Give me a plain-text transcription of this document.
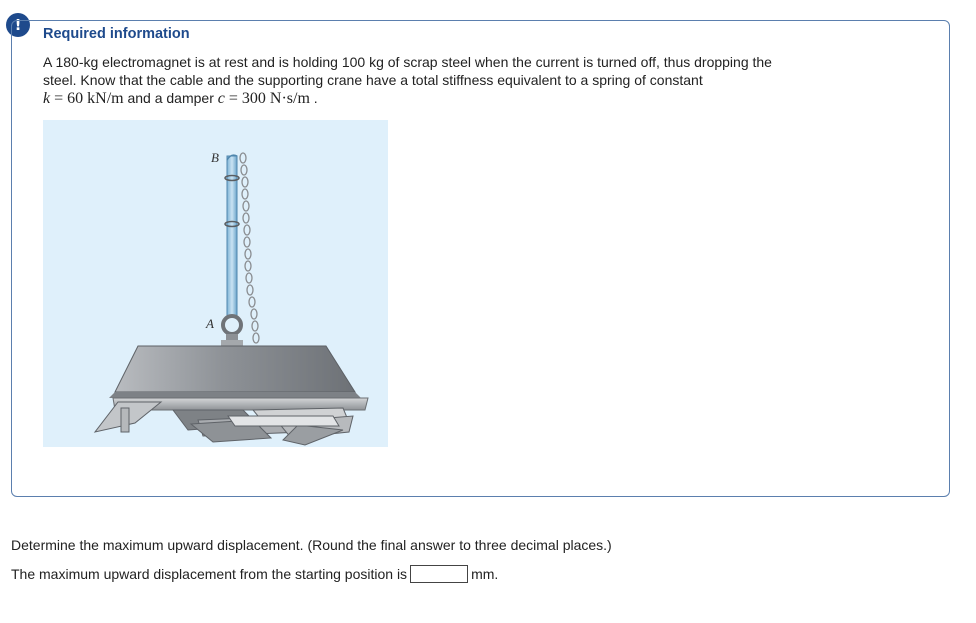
!	Required information
A 180-kg electromagnet is at rest and is holding 100 kg of scrap steel when the current is turned off, thus dropping the
steel. Know that the cable and the supporting crane have a total stiffness equivalent to a spring of constant
k = 60 kN/m and a damper c = 300 N·s/m .
B
A
Determine the maximum upward displacement. (Round the final answer to three decimal places.)
The maximum upward displacement from the starting position is	mm.
